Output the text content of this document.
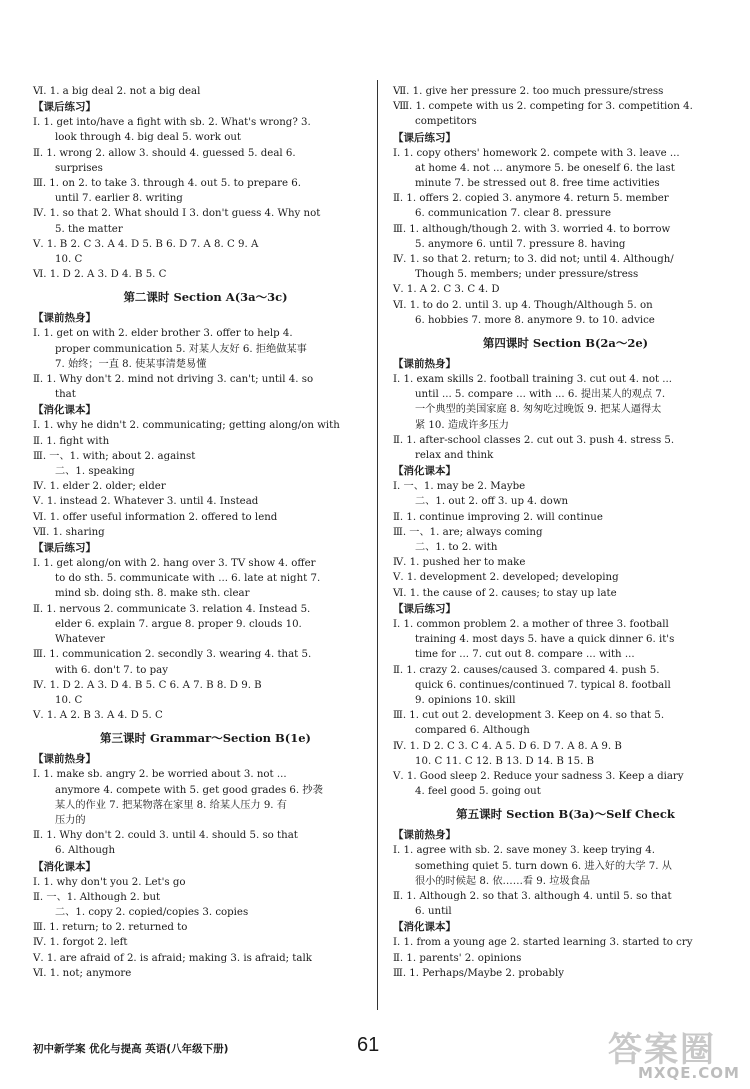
Ⅵ. 1. a big deal 2. not a big deal
【课后练习】
Ⅰ. 1. get into/have a fight with sb. 2. What's wrong? 3.
look through 4. big deal 5. work out
Ⅱ. 1. wrong 2. allow 3. should 4. guessed 5. deal 6.
surprises
Ⅲ. 1. on 2. to take 3. through 4. out 5. to prepare 6.
until 7. earlier 8. writing
Ⅳ. 1. so that 2. What should I 3. don't guess 4. Why not
5. the matter
Ⅴ. 1. B 2. C 3. A 4. D 5. B 6. D 7. A 8. C 9. A
10. C
Ⅵ. 1. D 2. A 3. D 4. B 5. C
第二课时 Section A(3a～3c)
【课前热身】
Ⅰ. 1. get on with 2. elder brother 3. offer to help 4.
proper communication 5. 对某人友好 6. 拒绝做某事
7. 始终；一直 8. 使某事清楚易懂
Ⅱ. 1. Why don't 2. mind not driving 3. can't; until 4. so
that
【消化课本】
Ⅰ. 1. why he didn't 2. communicating; getting along/on with
Ⅱ. 1. fight with
Ⅲ. 一、1. with; about 2. against
二、1. speaking
Ⅳ. 1. elder 2. older; elder
Ⅴ. 1. instead 2. Whatever 3. until 4. Instead
Ⅵ. 1. offer useful information 2. offered to lend
Ⅶ. 1. sharing
【课后练习】
Ⅰ. 1. get along/on with 2. hang over 3. TV show 4. offer
to do sth. 5. communicate with ... 6. late at night 7.
mind sb. doing sth. 8. make sth. clear
Ⅱ. 1. nervous 2. communicate 3. relation 4. Instead 5.
elder 6. explain 7. argue 8. proper 9. clouds 10.
Whatever
Ⅲ. 1. communication 2. secondly 3. wearing 4. that 5.
with 6. don't 7. to pay
Ⅳ. 1. D 2. A 3. D 4. B 5. C 6. A 7. B 8. D 9. B
10. C
Ⅴ. 1. A 2. B 3. A 4. D 5. C
第三课时 Grammar～Section B(1e)
【课前热身】
Ⅰ. 1. make sb. angry 2. be worried about 3. not ...
anymore 4. compete with 5. get good grades 6. 抄袭
某人的作业 7. 把某物落在家里 8. 给某人压力 9. 有
压力的
Ⅱ. 1. Why don't 2. could 3. until 4. should 5. so that
6. Although
【消化课本】
Ⅰ. 1. why don't you 2. Let's go
Ⅱ. 一、1. Although 2. but
二、1. copy 2. copied/copies 3. copies
Ⅲ. 1. return; to 2. returned to
Ⅳ. 1. forgot 2. left
Ⅴ. 1. are afraid of 2. is afraid; making 3. is afraid; talk
Ⅵ. 1. not; anymore
Ⅶ. 1. give her pressure 2. too much pressure/stress
Ⅷ. 1. compete with us 2. competing for 3. competition 4.
competitors
【课后练习】
Ⅰ. 1. copy others' homework 2. compete with 3. leave ...
at home 4. not ... anymore 5. be oneself 6. the last
minute 7. be stressed out 8. free time activities
Ⅱ. 1. offers 2. copied 3. anymore 4. return 5. member
6. communication 7. clear 8. pressure
Ⅲ. 1. although/though 2. with 3. worried 4. to borrow
5. anymore 6. until 7. pressure 8. having
Ⅳ. 1. so that 2. return; to 3. did not; until 4. Although/
Though 5. members; under pressure/stress
Ⅴ. 1. A 2. C 3. C 4. D
Ⅵ. 1. to do 2. until 3. up 4. Though/Although 5. on
6. hobbies 7. more 8. anymore 9. to 10. advice
第四课时 Section B(2a～2e)
【课前热身】
Ⅰ. 1. exam skills 2. football training 3. cut out 4. not ...
until ... 5. compare ... with ... 6. 提出某人的观点 7.
一个典型的美国家庭 8. 匆匆吃过晚饭 9. 把某人逼得太
紧 10. 造成许多压力
Ⅱ. 1. after-school classes 2. cut out 3. push 4. stress 5.
relax and think
【消化课本】
Ⅰ. 一、1. may be 2. Maybe
二、1. out 2. off 3. up 4. down
Ⅱ. 1. continue improving 2. will continue
Ⅲ. 一、1. are; always coming
二、1. to 2. with
Ⅳ. 1. pushed her to make
Ⅴ. 1. development 2. developed; developing
Ⅵ. 1. the cause of 2. causes; to stay up late
【课后练习】
Ⅰ. 1. common problem 2. a mother of three 3. football
training 4. most days 5. have a quick dinner 6. it's
time for ... 7. cut out 8. compare ... with ...
Ⅱ. 1. crazy 2. causes/caused 3. compared 4. push 5.
quick 6. continues/continued 7. typical 8. football
9. opinions 10. skill
Ⅲ. 1. cut out 2. development 3. Keep on 4. so that 5.
compared 6. Although
Ⅳ. 1. D 2. C 3. C 4. A 5. D 6. D 7. A 8. A 9. B
10. C 11. C 12. B 13. D 14. B 15. B
Ⅴ. 1. Good sleep 2. Reduce your sadness 3. Keep a diary
4. feel good 5. going out
第五课时 Section B(3a)～Self Check
【课前热身】
Ⅰ. 1. agree with sb. 2. save money 3. keep trying 4.
something quiet 5. turn down 6. 进入好的大学 7. 从
很小的时候起 8. 依……看 9. 垃圾食品
Ⅱ. 1. Although 2. so that 3. although 4. until 5. so that
6. until
【消化课本】
Ⅰ. 1. from a young age 2. started learning 3. started to cry
Ⅱ. 1. parents' 2. opinions
Ⅲ. 1. Perhaps/Maybe 2. probably
初中新学案 优化与提高 英语(八年级下册)	61	答案圈
MXQE.COM
